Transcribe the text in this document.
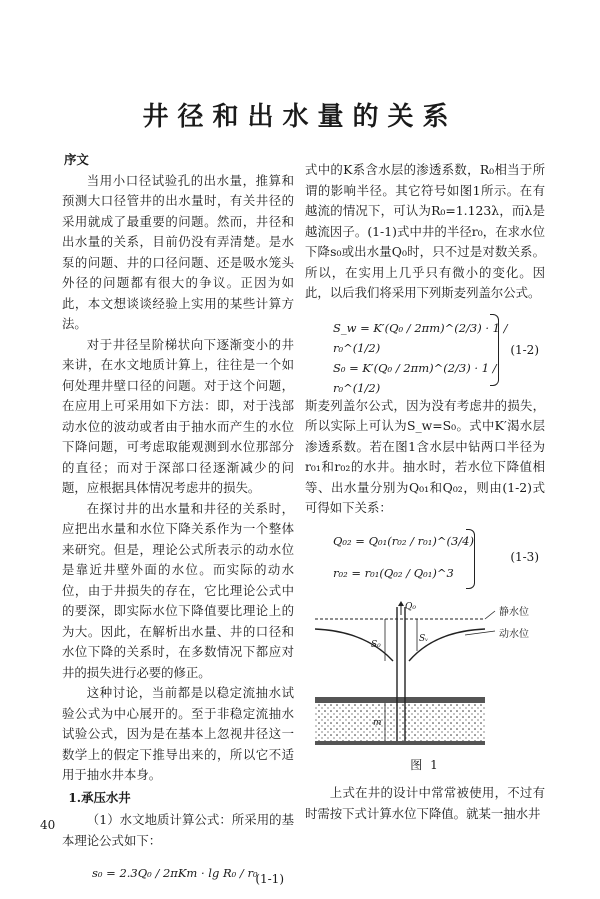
井径和出水量的关系
序文

当用小口径试验孔的出水量，推算和预测大口径管井的出水量时，有关井径的采用就成了最重要的问题。然而，井径和出水量的关系，目前仍没有弄清楚。是水泵的问题、井的口径问题、还是吸水笼头外径的问题都有很大的争议。正因为如此，本文想谈谈经验上实用的某些计算方法。

对于井径呈阶梯状向下逐渐变小的井来讲，在水文地质计算上，往往是一个如何处理井壁口径的问题。对于这个问题，在应用上可采用如下方法：即，对于浅部动水位的波动或者由于抽水而产生的水位下降问题，可考虑取能观测到水位那部分的直径；而对于深部口径逐渐减少的问题，应根据具体情况考虑井的损失。

在探讨井的出水量和井径的关系时，应把出水量和水位下降关系作为一个整体来研究。但是，理论公式所表示的动水位是靠近井壁外面的水位。而实际的动水位，由于井损失的存在，它比理论公式中的要深，即实际水位下降值要比理论上的为大。因此，在解析出水量、井的口径和水位下降的关系时，在多数情况下都应对井的损失进行必要的修正。

这种讨论，当前都是以稳定流抽水试验公式为中心展开的。至于非稳定流抽水试验公式，因为是在基本上忽视井径这一数学上的假定下推导出来的，所以它不适用于抽水井本身。

1.承压水井

（1）水文地质计算公式：所采用的基本理论公式如下：

s₀ = 2.3Q₀ / 2πKm · lg R₀ / r₀
(1-1)

式中的K系含水层的渗透系数，R₀相当于所谓的影响半径。其它符号如图1所示。在有越流的情况下，可认为R₀=1.123λ，而λ是越流因子。(1-1)式中井的半径r₀，在求水位下降s₀或出水量Q₀时，只不过是对数关系。所以，在实用上几乎只有微小的变化。因此，以后我们将采用下列斯麦列盖尔公式。

S_w = K′(Q₀ / 2πm)^(2/3) · 1 / r₀^(1/2)
S₀ = K′(Q₀ / 2πm)^(2/3) · 1 / r₀^(1/2)
(1-2)

斯麦列盖尔公式，因为没有考虑井的损失，所以实际上可认为S_w=S₀。式中K′渴水层渗透系数。若在图1含水层中钻两口半径为r₀₁和r₀₂的水井。抽水时，若水位下降值相等、出水量分别为Q₀₁和Q₀₂，则由(1-2)式可得如下关系：

Q₀₂ = Q₀₁(r₀₂ / r₀₁)^(3/4)
r₀₂ = r₀₁(Q₀₂ / Q₀₁)^3
(1-3)
Q₀	静水位
动水位
S₀
Sᵥ
m
图 1

上式在井的设计中常常被使用，不过有时需按下式计算水位下降值。就某一抽水井

40
